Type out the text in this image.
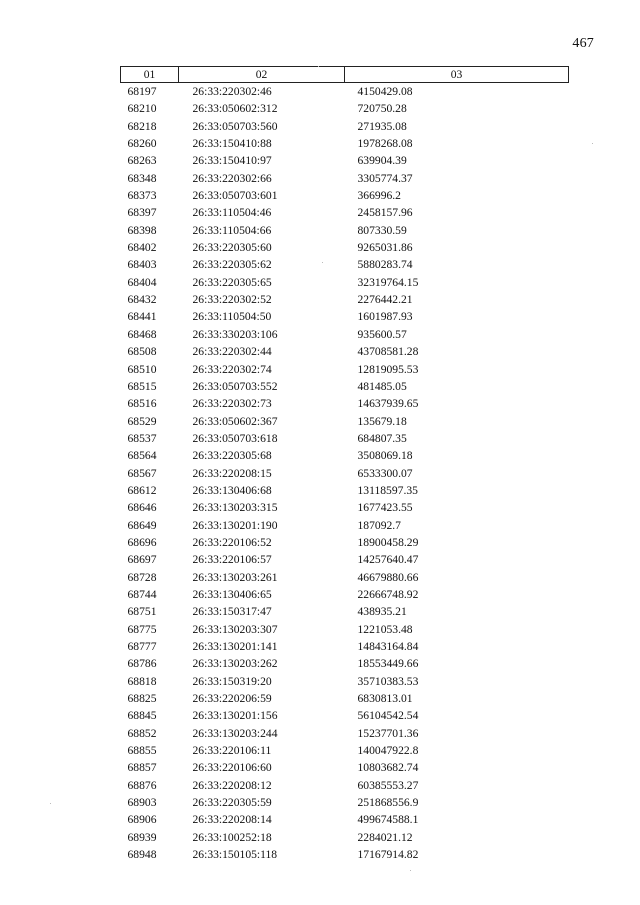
467
01	02	03
68197	26:33:220302:46	4150429.08
68210	26:33:050602:312	720750.28
68218	26:33:050703:560	271935.08
68260	26:33:150410:88	1978268.08
68263	26:33:150410:97	639904.39
68348	26:33:220302:66	3305774.37
68373	26:33:050703:601	366996.2
68397	26:33:110504:46	2458157.96
68398	26:33:110504:66	807330.59
68402	26:33:220305:60	9265031.86
68403	26:33:220305:62	5880283.74
68404	26:33:220305:65	32319764.15
68432	26:33:220302:52	2276442.21
68441	26:33:110504:50	1601987.93
68468	26:33:330203:106	935600.57
68508	26:33:220302:44	43708581.28
68510	26:33:220302:74	12819095.53
68515	26:33:050703:552	481485.05
68516	26:33:220302:73	14637939.65
68529	26:33:050602:367	135679.18
68537	26:33:050703:618	684807.35
68564	26:33:220305:68	3508069.18
68567	26:33:220208:15	6533300.07
68612	26:33:130406:68	13118597.35
68646	26:33:130203:315	1677423.55
68649	26:33:130201:190	187092.7
68696	26:33:220106:52	18900458.29
68697	26:33:220106:57	14257640.47
68728	26:33:130203:261	46679880.66
68744	26:33:130406:65	22666748.92
68751	26:33:150317:47	438935.21
68775	26:33:130203:307	1221053.48
68777	26:33:130201:141	14843164.84
68786	26:33:130203:262	18553449.66
68818	26:33:150319:20	35710383.53
68825	26:33:220206:59	6830813.01
68845	26:33:130201:156	56104542.54
68852	26:33:130203:244	15237701.36
68855	26:33:220106:11	140047922.8
68857	26:33:220106:60	10803682.74
68876	26:33:220208:12	60385553.27
68903	26:33:220305:59	251868556.9
68906	26:33:220208:14	499674588.1
68939	26:33:100252:18	2284021.12
68948	26:33:150105:118	17167914.82
